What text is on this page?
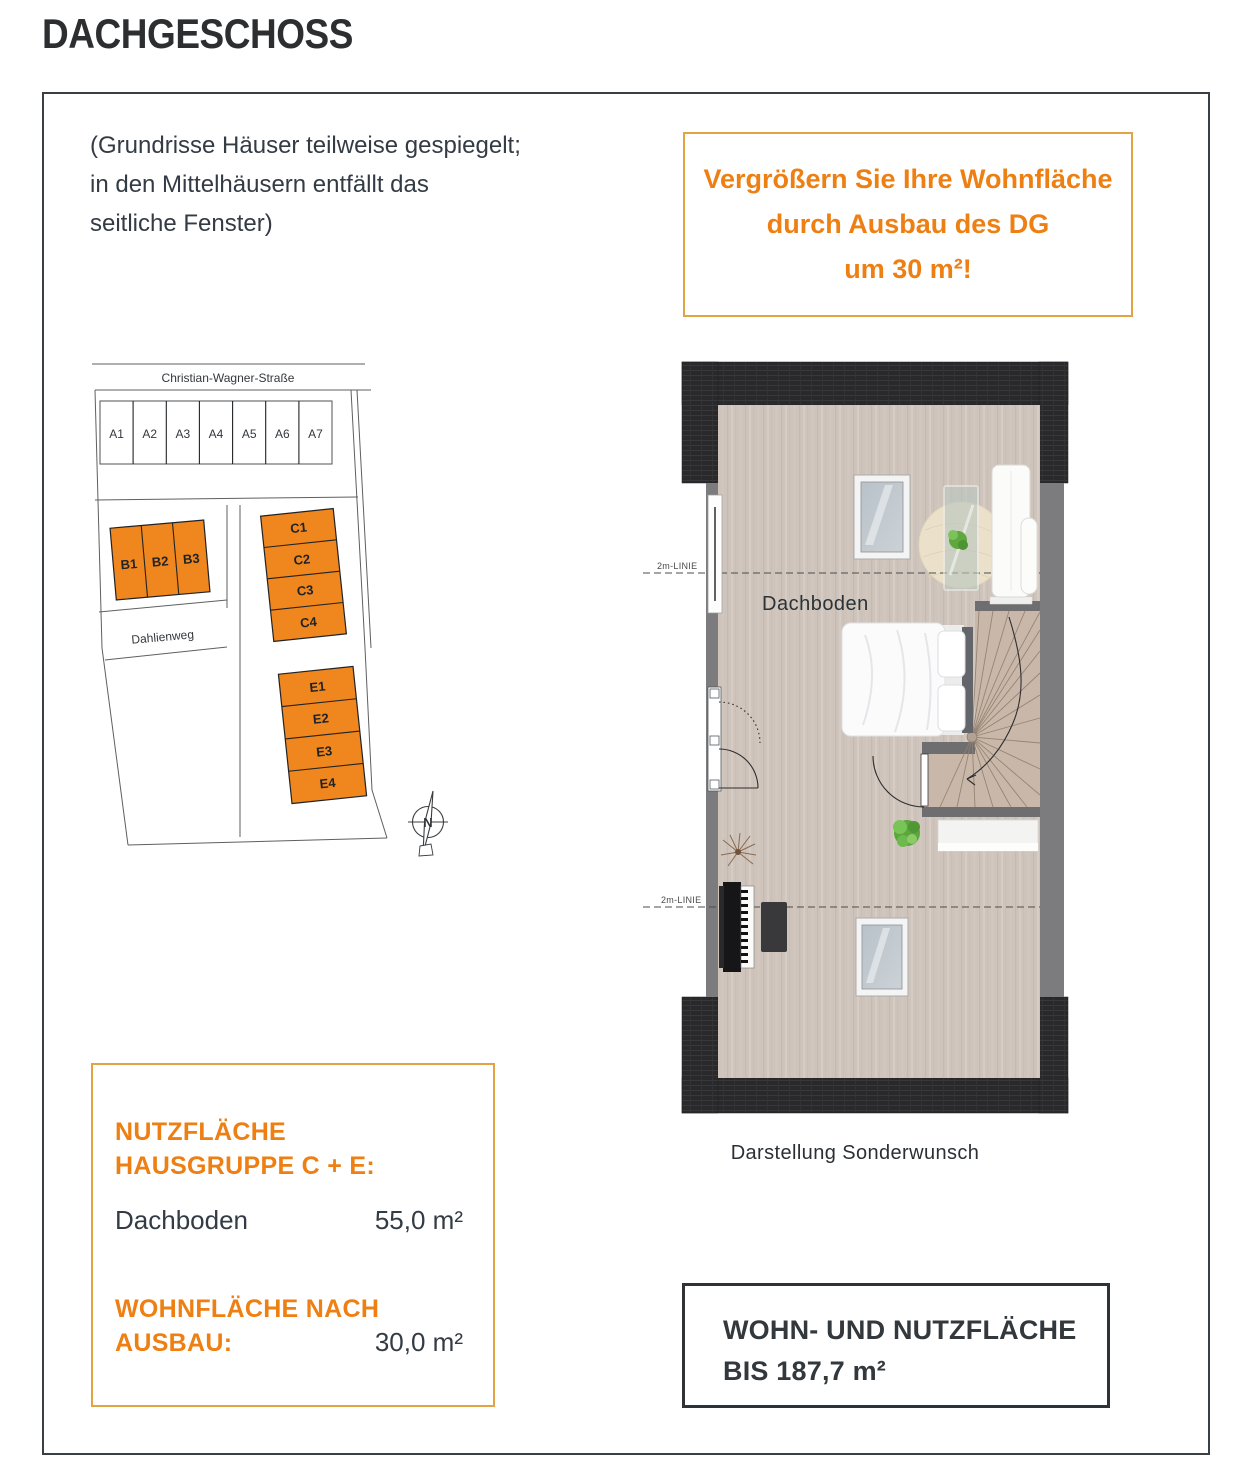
DACHGESCHOSS
(Grundrisse Häuser teilweise gespiegelt;
in den Mittelhäusern entfällt das
seitliche Fenster)
Vergrößern Sie Ihre Wohnfläche
durch Ausbau des DG
um 30 m²!
Christian-Wagner-Straße
A1 A2 A3 A4 A5 A6 A7
B1 B2 B3
C1
C2
C3
C4
E1
E2
E3
E4
Dahlienweg
N
2m-LINIE
2m-LINIE
Dachboden
Darstellung Sonderwunsch
NUTZFLÄCHE
HAUSGRUPPE C + E:
Dachboden	55,0 m²
WOHNFLÄCHE NACH
AUSBAU:	30,0 m²	WOHN- UND NUTZFLÄCHE
BIS 187,7 m²
